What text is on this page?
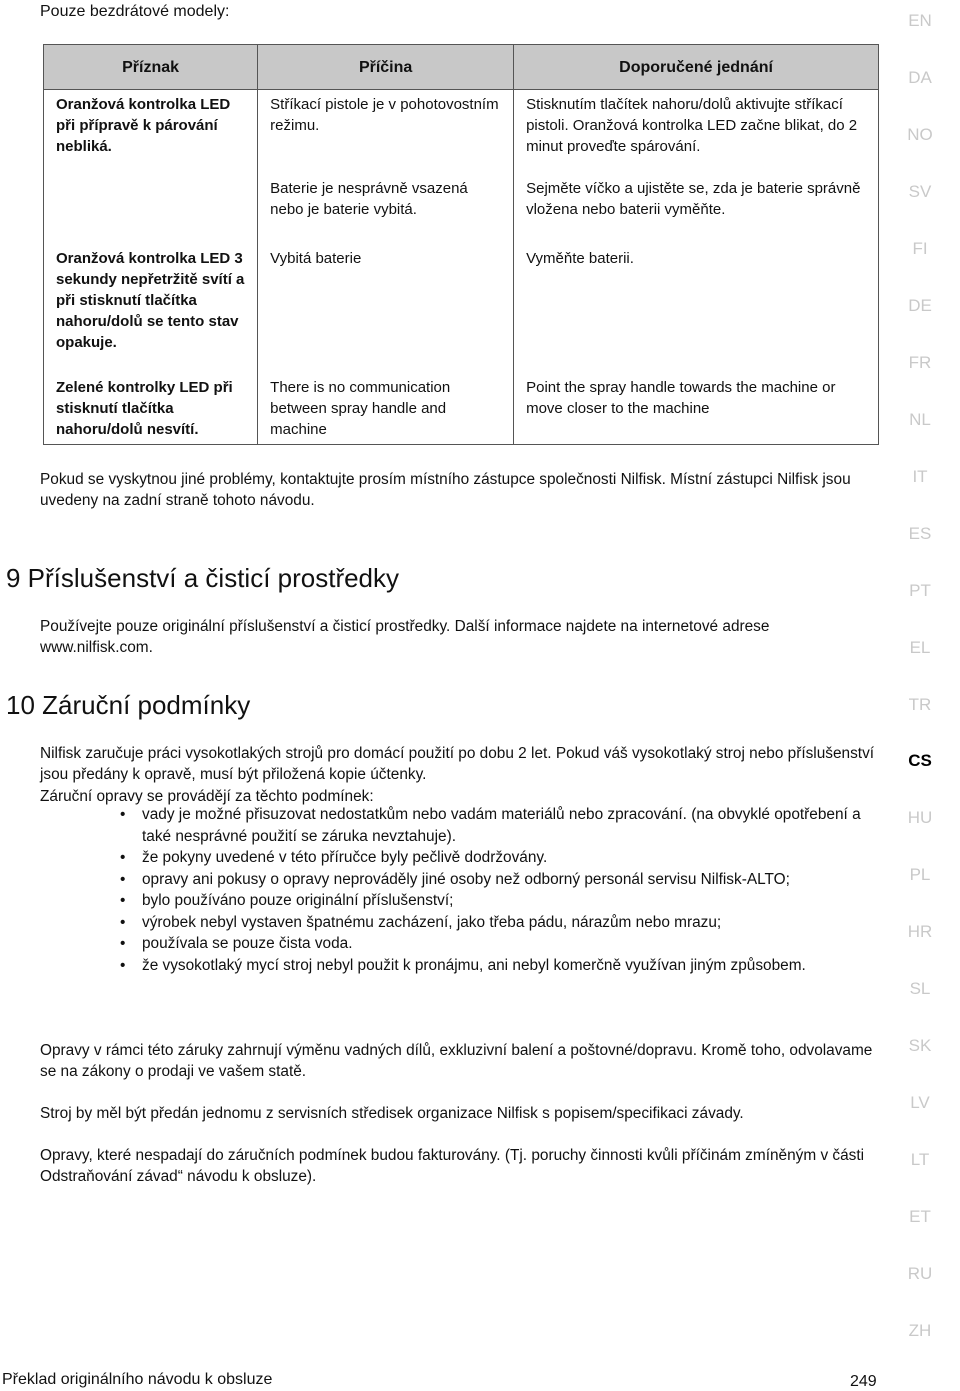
Pouze bezdrátové modely:
Příznak	Příčina	Doporučené jednání
Oranžová kontrolka LED při přípravě k párování nebliká.	Stříkací pistole je v pohotovostním režimu.	Stisknutím tlačítek nahoru/dolů aktivujte stříkací pistoli. Oranžová kontrolka LED začne blikat, do 2 minut proveďte spárování.
	Baterie je nesprávně vsazená nebo je baterie vybitá.	Sejměte víčko a ujistěte se, zda je baterie správně vložena nebo baterii vyměňte.
Oranžová kontrolka LED 3 sekundy nepřetržitě svítí a při stisknutí tlačítka nahoru/dolů se tento stav opakuje.	Vybitá baterie	Vyměňte baterii.
Zelené kontrolky LED při stisknutí tlačítka nahoru/dolů nesvítí.	There is no communication between spray handle and machine	Point the spray handle towards the machine or move closer to the machine
Pokud se vyskytnou jiné problémy, kontaktujte prosím místního zástupce společnosti Nilfisk. Místní zástupci Nilfisk jsou uvedeny na zadní straně tohoto návodu.
9 Příslušenství a čisticí prostředky
Používejte pouze originální příslušenství a čisticí prostředky. Další informace najdete na internetové adrese www.nilfisk.com.
10 Záruční podmínky
Nilfisk zaručuje práci vysokotlakých strojů pro domácí použití po dobu 2 let. Pokud váš vysokotlaký stroj nebo příslušenství jsou předány k opravě, musí být přiložená kopie účtenky.
Záruční opravy se provádějí za těchto podmínek:
• vady je možné přisuzovat nedostatkům nebo vadám materiálů nebo zpracování. (na obvyklé opotřebení a také nesprávné použití se záruka nevztahuje).
• že pokyny uvedené v této příručce byly pečlivě dodržovány.
• opravy ani pokusy o opravy neprováděly jiné osoby než odborný personál servisu Nilfisk-ALTO;
• bylo používáno pouze originální příslušenství;
• výrobek nebyl vystaven špatnému zacházení, jako třeba pádu, nárazům nebo mrazu;
• používala se pouze čista voda.
• že vysokotlaký mycí stroj nebyl použit k pronájmu, ani nebyl komerčně využívan jiným způsobem.
Opravy v rámci této záruky zahrnují výměnu vadných dílů, exkluzivní balení a poštovné/dopravu. Kromě toho, odvolavame se na zákony o prodaji ve vašem statě.
Stroj by měl být předán jednomu z servisních středisek organizace Nilfisk s popisem/specifikaci závady.
Opravy, které nespadají do záručních podmínek budou fakturovány. (Tj. poruchy činnosti kvůli příčinám zmíněným v části Odstraňování závad“ návodu k obsluze).
EN
DA
NO
SV
FI
DE
FR
NL
IT
ES
PT
EL
TR
CS
HU
PL
HR
SL
SK
LV
LT
ET
RU
ZH
Překlad originálního návodu k obsluze	249
